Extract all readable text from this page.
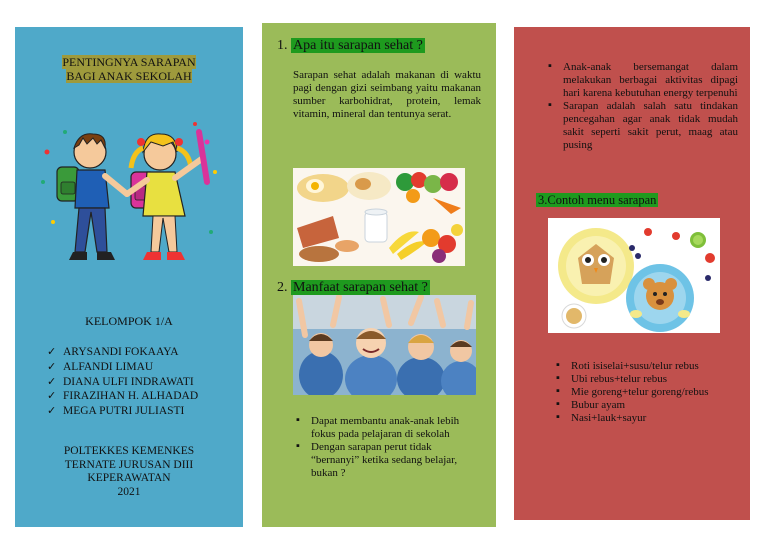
PENTINGNYA SARAPAN
BAGI ANAK SEKOLAH
KELOMPOK 1/A
✓ ARYSANDI FOKAAYA
✓ ALFANDI LIMAU
✓ DIANA ULFI INDRAWATI
✓ FIRAZIHAN H. ALHADAD
✓ MEGA PUTRI JULIASTI
POLTEKKES KEMENKES
TERNATE JURUSAN DIII
KEPERAWATAN
2021
1. Apa itu sarapan sehat ?
Sarapan sehat adalah makanan di waktu pagi dengan gizi seimbang yaitu makanan sumber karbohidrat, protein, lemak vitamin, mineral dan tentunya serat.
2. Manfaat sarapan sehat ?
▪ Dapat membantu anak-anak lebih fokus pada pelajaran di sekolah
▪ Dengan sarapan perut tidak “bernanyi” ketika sedang belajar, bukan ?
▪ Anak-anak bersemangat dalam melakukan berbagai aktivitas dipagi hari karena kebutuhan energy terpenuhi
▪ Sarapan adalah salah satu tindakan pencegahan agar anak tidak mudah sakit seperti sakit perut, maag atau pusing
3.Contoh menu sarapan
▪ Roti isiselai+susu/telur rebus
▪ Ubi rebus+telur rebus
▪ Mie goreng+telur goreng/rebus
▪ Bubur ayam
▪ Nasi+lauk+sayur
